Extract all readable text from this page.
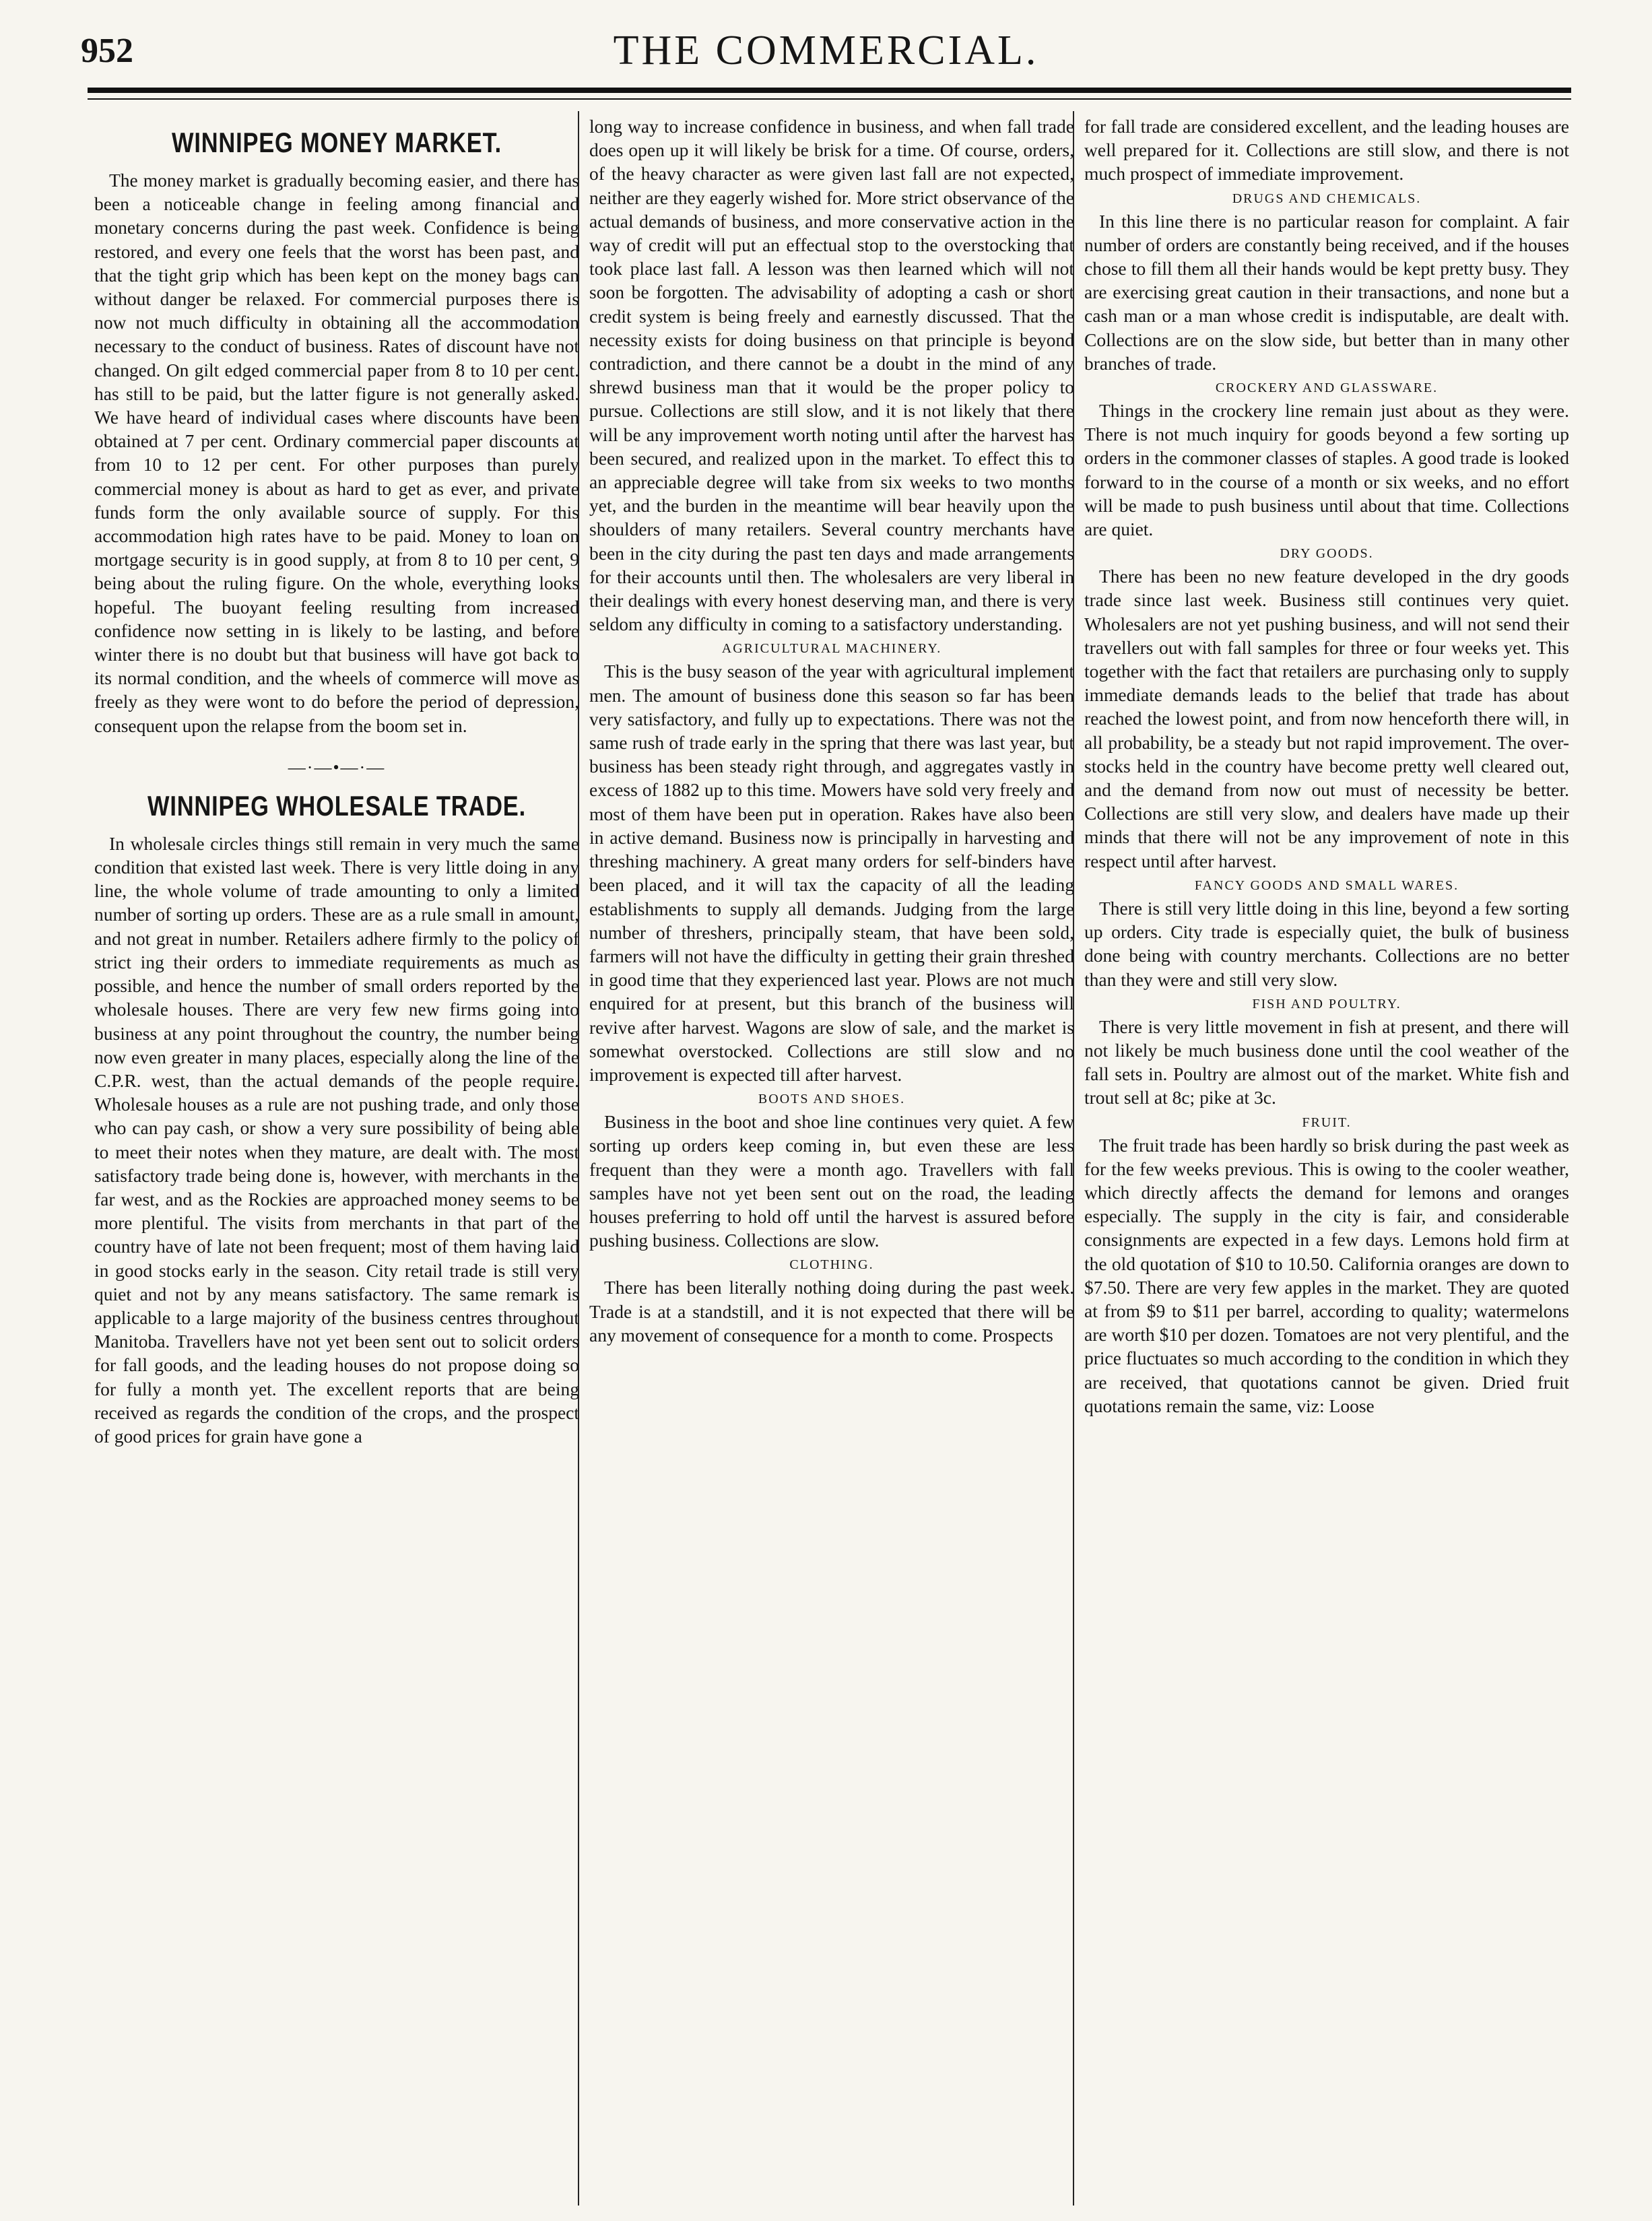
952	THE COMMERCIAL.
WINNIPEG MONEY MARKET.

The money market is gradually becoming easier, and there has been a noticeable change in feeling among financial and monetary concerns during the past week. Confidence is being restored, and every one feels that the worst has been past, and that the tight grip which has been kept on the money bags can without danger be relaxed. For commercial purposes there is now not much difficulty in obtaining all the accommodation necessary to the conduct of business. Rates of discount have not changed. On gilt edged commercial paper from 8 to 10 per cent. has still to be paid, but the latter figure is not generally asked. We have heard of individual cases where discounts have been obtained at 7 per cent. Ordinary commercial paper discounts at from 10 to 12 per cent. For other purposes than purely commercial money is about as hard to get as ever, and private funds form the only available source of supply. For this accommodation high rates have to be paid. Money to loan on mortgage security is in good supply, at from 8 to 10 per cent, 9 being about the ruling figure. On the whole, everything looks hopeful. The buoyant feeling resulting from increased confidence now setting in is likely to be lasting, and before winter there is no doubt but that business will have got back to its normal condition, and the wheels of commerce will move as freely as they were wont to do before the period of depression, consequent upon the relapse from the boom set in.

—·—•—·—
WINNIPEG WHOLESALE TRADE.

In wholesale circles things still remain in very much the same condition that existed last week. There is very little doing in any line, the whole volume of trade amounting to only a limited number of sorting up orders. These are as a rule small in amount, and not great in number. Retailers adhere firmly to the policy of strict ing their orders to immediate requirements as much as possible, and hence the number of small orders reported by the wholesale houses. There are very few new firms going into business at any point throughout the country, the number being now even greater in many places, especially along the line of the C.P.R. west, than the actual demands of the people require. Wholesale houses as a rule are not pushing trade, and only those who can pay cash, or show a very sure possibility of being able to meet their notes when they mature, are dealt with. The most satisfactory trade being done is, however, with merchants in the far west, and as the Rockies are approached money seems to be more plentiful. The visits from merchants in that part of the country have of late not been frequent; most of them having laid in good stocks early in the season. City retail trade is still very quiet and not by any means satisfactory. The same remark is applicable to a large majority of the business centres throughout Manitoba. Travellers have not yet been sent out to solicit orders for fall goods, and the leading houses do not propose doing so for fully a month yet. The excellent reports that are being received as regards the condition of the crops, and the prospect of good prices for grain have gone a

long way to increase confidence in business, and when fall trade does open up it will likely be brisk for a time. Of course, orders, of the heavy character as were given last fall are not expected, neither are they eagerly wished for. More strict observance of the actual demands of business, and more conservative action in the way of credit will put an effectual stop to the overstocking that took place last fall. A lesson was then learned which will not soon be forgotten. The advisability of adopting a cash or short credit system is being freely and earnestly discussed. That the necessity exists for doing business on that principle is beyond contradiction, and there cannot be a doubt in the mind of any shrewd business man that it would be the proper policy to pursue. Collections are still slow, and it is not likely that there will be any improvement worth noting until after the harvest has been secured, and realized upon in the market. To effect this to an appreciable degree will take from six weeks to two months yet, and the burden in the meantime will bear heavily upon the shoulders of many retailers. Several country merchants have been in the city during the past ten days and made arrangements for their accounts until then. The wholesalers are very liberal in their dealings with every honest deserving man, and there is very seldom any difficulty in coming to a satisfactory understanding.

AGRICULTURAL MACHINERY.

This is the busy season of the year with agricultural implement men. The amount of business done this season so far has been very satisfactory, and fully up to expectations. There was not the same rush of trade early in the spring that there was last year, but business has been steady right through, and aggregates vastly in excess of 1882 up to this time. Mowers have sold very freely and most of them have been put in operation. Rakes have also been in active demand. Business now is principally in harvesting and threshing machinery. A great many orders for self-binders have been placed, and it will tax the capacity of all the leading establishments to supply all demands. Judging from the large number of threshers, principally steam, that have been sold, farmers will not have the difficulty in getting their grain threshed in good time that they experienced last year. Plows are not much enquired for at present, but this branch of the business will revive after harvest. Wagons are slow of sale, and the market is somewhat overstocked. Collections are still slow and no improvement is expected till after harvest.

BOOTS AND SHOES.

Business in the boot and shoe line continues very quiet. A few sorting up orders keep coming in, but even these are less frequent than they were a month ago. Travellers with fall samples have not yet been sent out on the road, the leading houses preferring to hold off until the harvest is assured before pushing business. Collections are slow.

CLOTHING.

There has been literally nothing doing during the past week. Trade is at a standstill, and it is not expected that there will be any movement of consequence for a month to come. Prospects

for fall trade are considered excellent, and the leading houses are well prepared for it. Collections are still slow, and there is not much prospect of immediate improvement.

DRUGS AND CHEMICALS.

In this line there is no particular reason for complaint. A fair number of orders are constantly being received, and if the houses chose to fill them all their hands would be kept pretty busy. They are exercising great caution in their transactions, and none but a cash man or a man whose credit is indisputable, are dealt with. Collections are on the slow side, but better than in many other branches of trade.

CROCKERY AND GLASSWARE.

Things in the crockery line remain just about as they were. There is not much inquiry for goods beyond a few sorting up orders in the commoner classes of staples. A good trade is looked forward to in the course of a month or six weeks, and no effort will be made to push business until about that time. Collections are quiet.

DRY GOODS.

There has been no new feature developed in the dry goods trade since last week. Business still continues very quiet. Wholesalers are not yet pushing business, and will not send their travellers out with fall samples for three or four weeks yet. This together with the fact that retailers are purchasing only to supply immediate demands leads to the belief that trade has about reached the lowest point, and from now henceforth there will, in all probability, be a steady but not rapid improvement. The over-stocks held in the country have become pretty well cleared out, and the demand from now out must of necessity be better. Collections are still very slow, and dealers have made up their minds that there will not be any improvement of note in this respect until after harvest.

FANCY GOODS AND SMALL WARES.

There is still very little doing in this line, beyond a few sorting up orders. City trade is especially quiet, the bulk of business done being with country merchants. Collections are no better than they were and still very slow.

FISH AND POULTRY.

There is very little movement in fish at present, and there will not likely be much business done until the cool weather of the fall sets in. Poultry are almost out of the market. White fish and trout sell at 8c; pike at 3c.

FRUIT.

The fruit trade has been hardly so brisk during the past week as for the few weeks previous. This is owing to the cooler weather, which directly affects the demand for lemons and oranges especially. The supply in the city is fair, and considerable consignments are expected in a few days. Lemons hold firm at the old quotation of $10 to 10.50. California oranges are down to $7.50. There are very few apples in the market. They are quoted at from $9 to $11 per barrel, according to quality; watermelons are worth $10 per dozen. Tomatoes are not very plentiful, and the price fluctuates so much according to the condition in which they are received, that quotations cannot be given. Dried fruit quotations remain the same, viz: Loose
